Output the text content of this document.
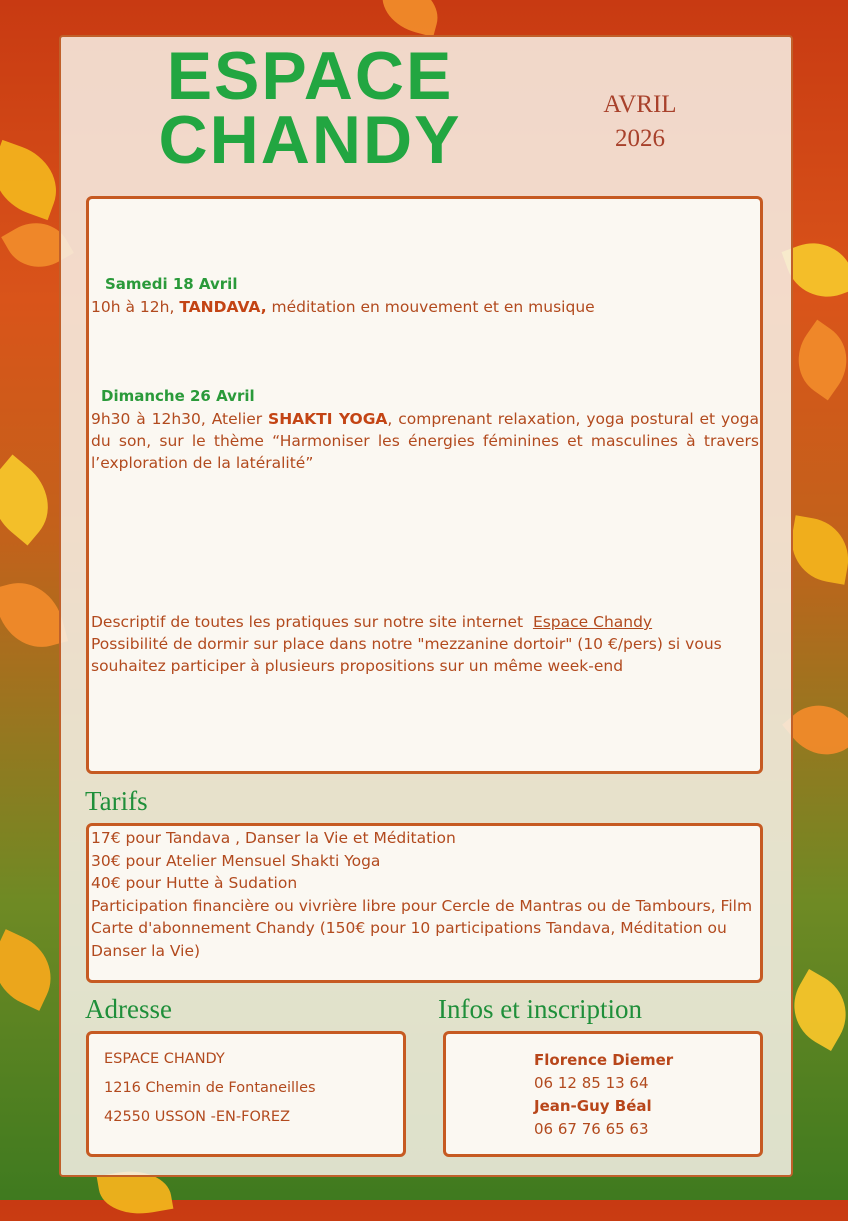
ESPACE
CHANDY	AVRIL
2026
Samedi 18 Avril
10h à 12h, TANDAVA, méditation en mouvement et en musique
Dimanche 26 Avril
9h30 à 12h30, Atelier SHAKTI YOGA, comprenant relaxation, yoga postural et yoga du son, sur le thème “Harmoniser les énergies féminines et masculines à travers l’exploration de la latéralité”
Descriptif de toutes les pratiques sur notre site internet Espace Chandy
Possibilité de dormir sur place dans notre "mezzanine dortoir" (10 €/pers) si vous souhaitez participer à plusieurs propositions sur un même week-end
Tarifs
17€ pour Tandava , Danser la Vie et Méditation
30€ pour Atelier Mensuel Shakti Yoga
40€ pour Hutte à Sudation
Participation financière ou vivrière libre pour Cercle de Mantras ou de Tambours, Film
Carte d'abonnement Chandy (150€ pour 10 participations Tandava, Méditation ou Danser la Vie)
Adresse
ESPACE CHANDY
1216 Chemin de Fontaneilles
42550 USSON -EN-FOREZ
Infos et inscription
Florence Diemer
06 12 85 13 64
Jean-Guy Béal
06 67 76 65 63
